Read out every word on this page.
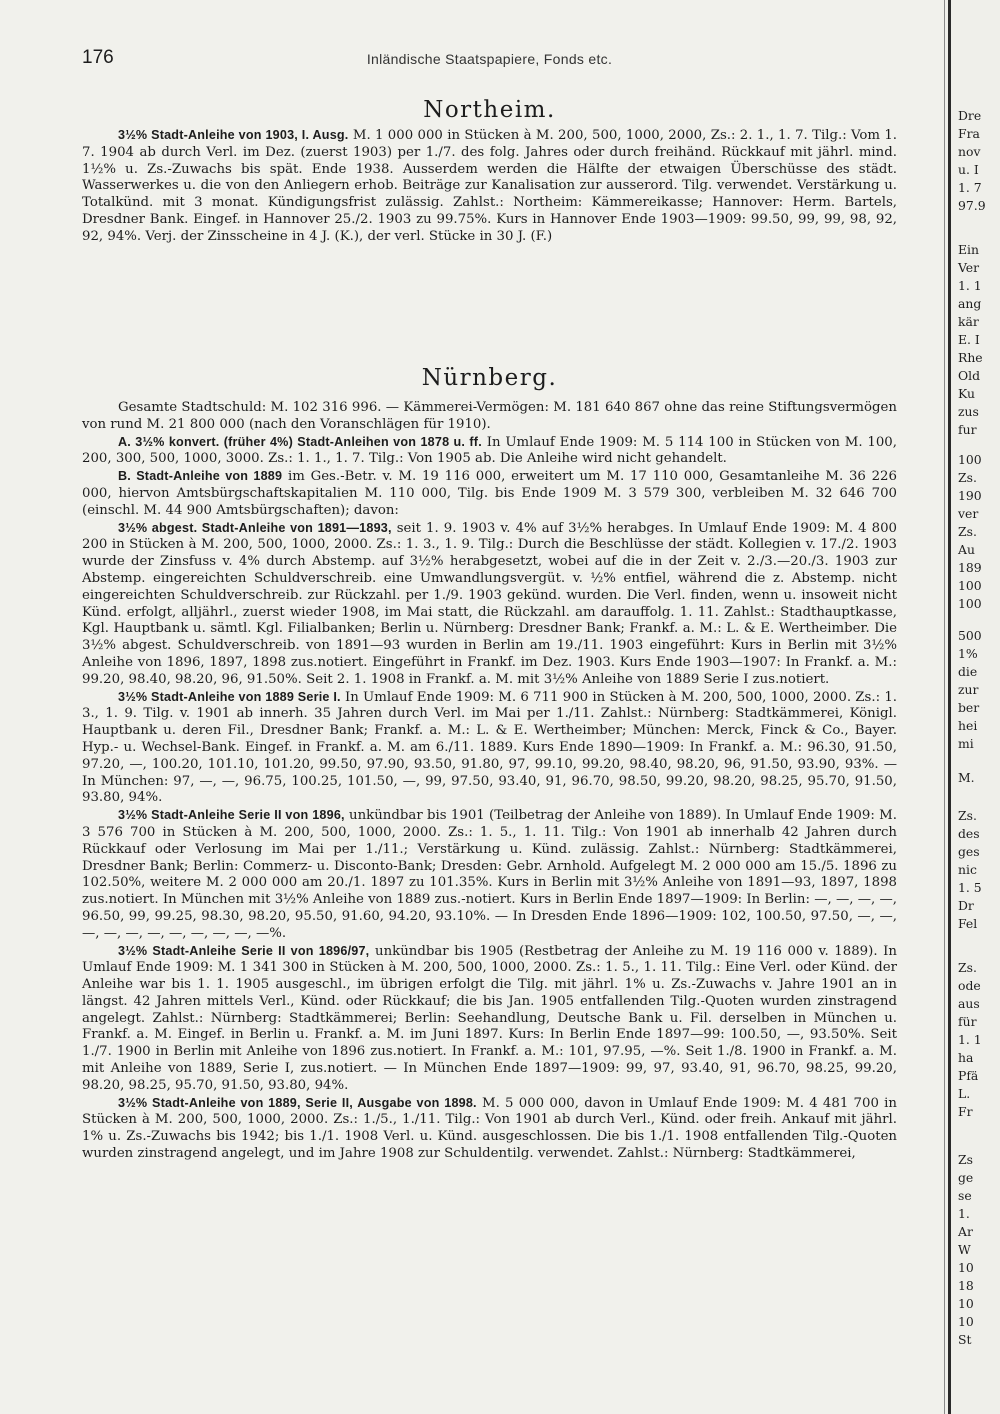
176	Inländische Staatspapiere, Fonds etc.
Northeim.

3½% Stadt-Anleihe von 1903, I. Ausg. M. 1 000 000 in Stücken à M. 200, 500, 1000, 2000, Zs.: 2. 1., 1. 7. Tilg.: Vom 1. 7. 1904 ab durch Verl. im Dez. (zuerst 1903) per 1./7. des folg. Jahres oder durch freihänd. Rückkauf mit jährl. mind. 1½% u. Zs.-Zuwachs bis spät. Ende 1938. Ausserdem werden die Hälfte der etwaigen Überschüsse des städt. Wasserwerkes u. die von den Anliegern erhob. Beiträge zur Kanalisation zur ausserord. Tilg. verwendet. Verstärkung u. Totalkünd. mit 3 monat. Kündigungsfrist zulässig. Zahlst.: Northeim: Kämmereikasse; Hannover: Herm. Bartels, Dresdner Bank. Eingef. in Hannover 25./2. 1903 zu 99.75%. Kurs in Hannover Ende 1903—1909: 99.50, 99, 99, 98, 92, 92, 94%. Verj. der Zinsscheine in 4 J. (K.), der verl. Stücke in 30 J. (F.)

Nürnberg.

Gesamte Stadtschuld: M. 102 316 996. — Kämmerei-Vermögen: M. 181 640 867 ohne das reine Stiftungsvermögen von rund M. 21 800 000 (nach den Voranschlägen für 1910).

A. 3½% konvert. (früher 4%) Stadt-Anleihen von 1878 u. ff. In Umlauf Ende 1909: M. 5 114 100 in Stücken von M. 100, 200, 300, 500, 1000, 3000. Zs.: 1. 1., 1. 7. Tilg.: Von 1905 ab. Die Anleihe wird nicht gehandelt.

B. Stadt-Anleihe von 1889 im Ges.-Betr. v. M. 19 116 000, erweitert um M. 17 110 000, Gesamtanleihe M. 36 226 000, hiervon Amtsbürgschaftskapitalien M. 110 000, Tilg. bis Ende 1909 M. 3 579 300, verbleiben M. 32 646 700 (einschl. M. 44 900 Amtsbürgschaften); davon:

3½% abgest. Stadt-Anleihe von 1891—1893, seit 1. 9. 1903 v. 4% auf 3½% herabges. In Umlauf Ende 1909: M. 4 800 200 in Stücken à M. 200, 500, 1000, 2000. Zs.: 1. 3., 1. 9. Tilg.: Durch die Beschlüsse der städt. Kollegien v. 17./2. 1903 wurde der Zinsfuss v. 4% durch Abstemp. auf 3½% herabgesetzt, wobei auf die in der Zeit v. 2./3.—20./3. 1903 zur Abstemp. eingereichten Schuldverschreib. eine Umwandlungsvergüt. v. ½% entfiel, während die z. Abstemp. nicht eingereichten Schuldverschreib. zur Rückzahl. per 1./9. 1903 gekünd. wurden. Die Verl. finden, wenn u. insoweit nicht Künd. erfolgt, alljährl., zuerst wieder 1908, im Mai statt, die Rückzahl. am darauffolg. 1. 11. Zahlst.: Stadthauptkasse, Kgl. Hauptbank u. sämtl. Kgl. Filialbanken; Berlin u. Nürnberg: Dresdner Bank; Frankf. a. M.: L. & E. Wertheimber. Die 3½% abgest. Schuldverschreib. von 1891—93 wurden in Berlin am 19./11. 1903 eingeführt: Kurs in Berlin mit 3½% Anleihe von 1896, 1897, 1898 zus.notiert. Eingeführt in Frankf. im Dez. 1903. Kurs Ende 1903—1907: In Frankf. a. M.: 99.20, 98.40, 98.20, 96, 91.50%. Seit 2. 1. 1908 in Frankf. a. M. mit 3½% Anleihe von 1889 Serie I zus.notiert.

3½% Stadt-Anleihe von 1889 Serie I. In Umlauf Ende 1909: M. 6 711 900 in Stücken à M. 200, 500, 1000, 2000. Zs.: 1. 3., 1. 9. Tilg. v. 1901 ab innerh. 35 Jahren durch Verl. im Mai per 1./11. Zahlst.: Nürnberg: Stadtkämmerei, Königl. Hauptbank u. deren Fil., Dresdner Bank; Frankf. a. M.: L. & E. Wertheimber; München: Merck, Finck & Co., Bayer. Hyp.- u. Wechsel-Bank. Eingef. in Frankf. a. M. am 6./11. 1889. Kurs Ende 1890—1909: In Frankf. a. M.: 96.30, 91.50, 97.20, —, 100.20, 101.10, 101.20, 99.50, 97.90, 93.50, 91.80, 97, 99.10, 99.20, 98.40, 98.20, 96, 91.50, 93.90, 93%. — In München: 97, —, —, 96.75, 100.25, 101.50, —, 99, 97.50, 93.40, 91, 96.70, 98.50, 99.20, 98.20, 98.25, 95.70, 91.50, 93.80, 94%.

3½% Stadt-Anleihe Serie II von 1896, unkündbar bis 1901 (Teilbetrag der Anleihe von 1889). In Umlauf Ende 1909: M. 3 576 700 in Stücken à M. 200, 500, 1000, 2000. Zs.: 1. 5., 1. 11. Tilg.: Von 1901 ab innerhalb 42 Jahren durch Rückkauf oder Verlosung im Mai per 1./11.; Verstärkung u. Künd. zulässig. Zahlst.: Nürnberg: Stadtkämmerei, Dresdner Bank; Berlin: Commerz- u. Disconto-Bank; Dresden: Gebr. Arnhold. Aufgelegt M. 2 000 000 am 15./5. 1896 zu 102.50%, weitere M. 2 000 000 am 20./1. 1897 zu 101.35%. Kurs in Berlin mit 3½% Anleihe von 1891—93, 1897, 1898 zus.notiert. In München mit 3½% Anleihe von 1889 zus.-notiert. Kurs in Berlin Ende 1897—1909: In Berlin: —, —, —, —, 96.50, 99, 99.25, 98.30, 98.20, 95.50, 91.60, 94.20, 93.10%. — In Dresden Ende 1896—1909: 102, 100.50, 97.50, —, —, —, —, —, —, —, —, —, —, —%.

3½% Stadt-Anleihe Serie II von 1896/97, unkündbar bis 1905 (Restbetrag der Anleihe zu M. 19 116 000 v. 1889). In Umlauf Ende 1909: M. 1 341 300 in Stücken à M. 200, 500, 1000, 2000. Zs.: 1. 5., 1. 11. Tilg.: Eine Verl. oder Künd. der Anleihe war bis 1. 1. 1905 ausgeschl., im übrigen erfolgt die Tilg. mit jährl. 1% u. Zs.-Zuwachs v. Jahre 1901 an in längst. 42 Jahren mittels Verl., Künd. oder Rückkauf; die bis Jan. 1905 entfallenden Tilg.-Quoten wurden zinstragend angelegt. Zahlst.: Nürnberg: Stadtkämmerei; Berlin: Seehandlung, Deutsche Bank u. Fil. derselben in München u. Frankf. a. M. Eingef. in Berlin u. Frankf. a. M. im Juni 1897. Kurs: In Berlin Ende 1897—99: 100.50, —, 93.50%. Seit 1./7. 1900 in Berlin mit Anleihe von 1896 zus.notiert. In Frankf. a. M.: 101, 97.95, —%. Seit 1./8. 1900 in Frankf. a. M. mit Anleihe von 1889, Serie I, zus.notiert. — In München Ende 1897—1909: 99, 97, 93.40, 91, 96.70, 98.25, 99.20, 98.20, 98.25, 95.70, 91.50, 93.80, 94%.

3½% Stadt-Anleihe von 1889, Serie II, Ausgabe von 1898. M. 5 000 000, davon in Umlauf Ende 1909: M. 4 481 700 in Stücken à M. 200, 500, 1000, 2000. Zs.: 1./5., 1./11. Tilg.: Von 1901 ab durch Verl., Künd. oder freih. Ankauf mit jährl. 1% u. Zs.-Zuwachs bis 1942; bis 1./1. 1908 Verl. u. Künd. ausgeschlossen. Die bis 1./1. 1908 entfallenden Tilg.-Quoten wurden zinstragend angelegt, und im Jahre 1908 zur Schuldentilg. verwendet. Zahlst.: Nürnberg: Stadtkämmerei,

Dre
Fra
nov
u. I
1. 7
97.9
Ein
Ver
1. 1
ang
kär
E. I
Rhe
Old
Ku
zus
fur
100
Zs.
190
ver
Zs.
Au
189
100
100
500
1%
die
zur
ber
hei
mi
M.
Zs.
des
ges
nic
1. 5
Dr
Fel
Zs.
ode
aus
für
1. 1
ha
Pfä
L.
Fr
Zs
ge
se
1.
Ar
W
10
18
10
10
St
